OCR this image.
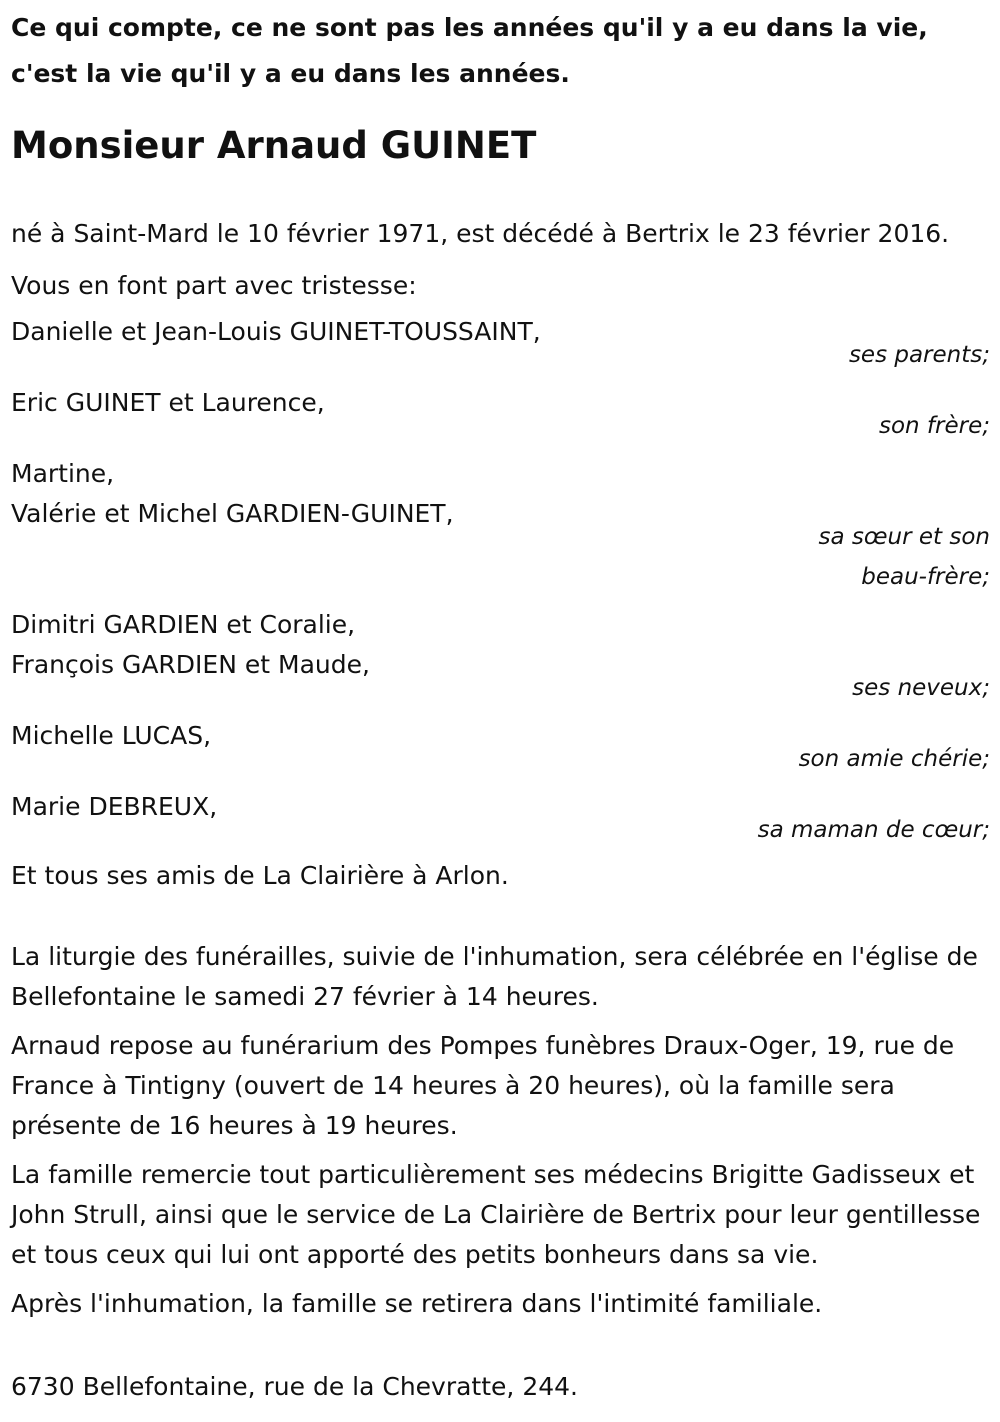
Ce qui compte, ce ne sont pas les années qu'il y a eu dans la vie,
c'est la vie qu'il y a eu dans les années.
Monsieur Arnaud GUINET

né à Saint-Mard le 10 février 1971, est décédé à Bertrix le 23 février 2016.

Vous en font part avec tristesse:

Danielle et Jean-Louis GUINET-TOUSSAINT,
ses parents;
Eric GUINET et Laurence,
son frère;
Martine,
Valérie et Michel GARDIEN-GUINET,
sa sœur et son
beau-frère;
Dimitri GARDIEN et Coralie,
François GARDIEN et Maude,
ses neveux;
Michelle LUCAS,
son amie chérie;
Marie DEBREUX,
sa maman de cœur;

Et tous ses amis de La Clairière à Arlon.

La liturgie des funérailles, suivie de l'inhumation, sera célébrée en l'église de Bellefontaine le samedi 27 février à 14 heures.

Arnaud repose au funérarium des Pompes funèbres Draux-Oger, 19, rue de France à Tintigny (ouvert de 14 heures à 20 heures), où la famille sera présente de 16 heures à 19 heures.

La famille remercie tout particulièrement ses médecins Brigitte Gadisseux et John Strull, ainsi que le service de La Clairière de Bertrix pour leur gentillesse et tous ceux qui lui ont apporté des petits bonheurs dans sa vie.

Après l'inhumation, la famille se retirera dans l'intimité familiale.

6730 Bellefontaine, rue de la Chevratte, 244.
